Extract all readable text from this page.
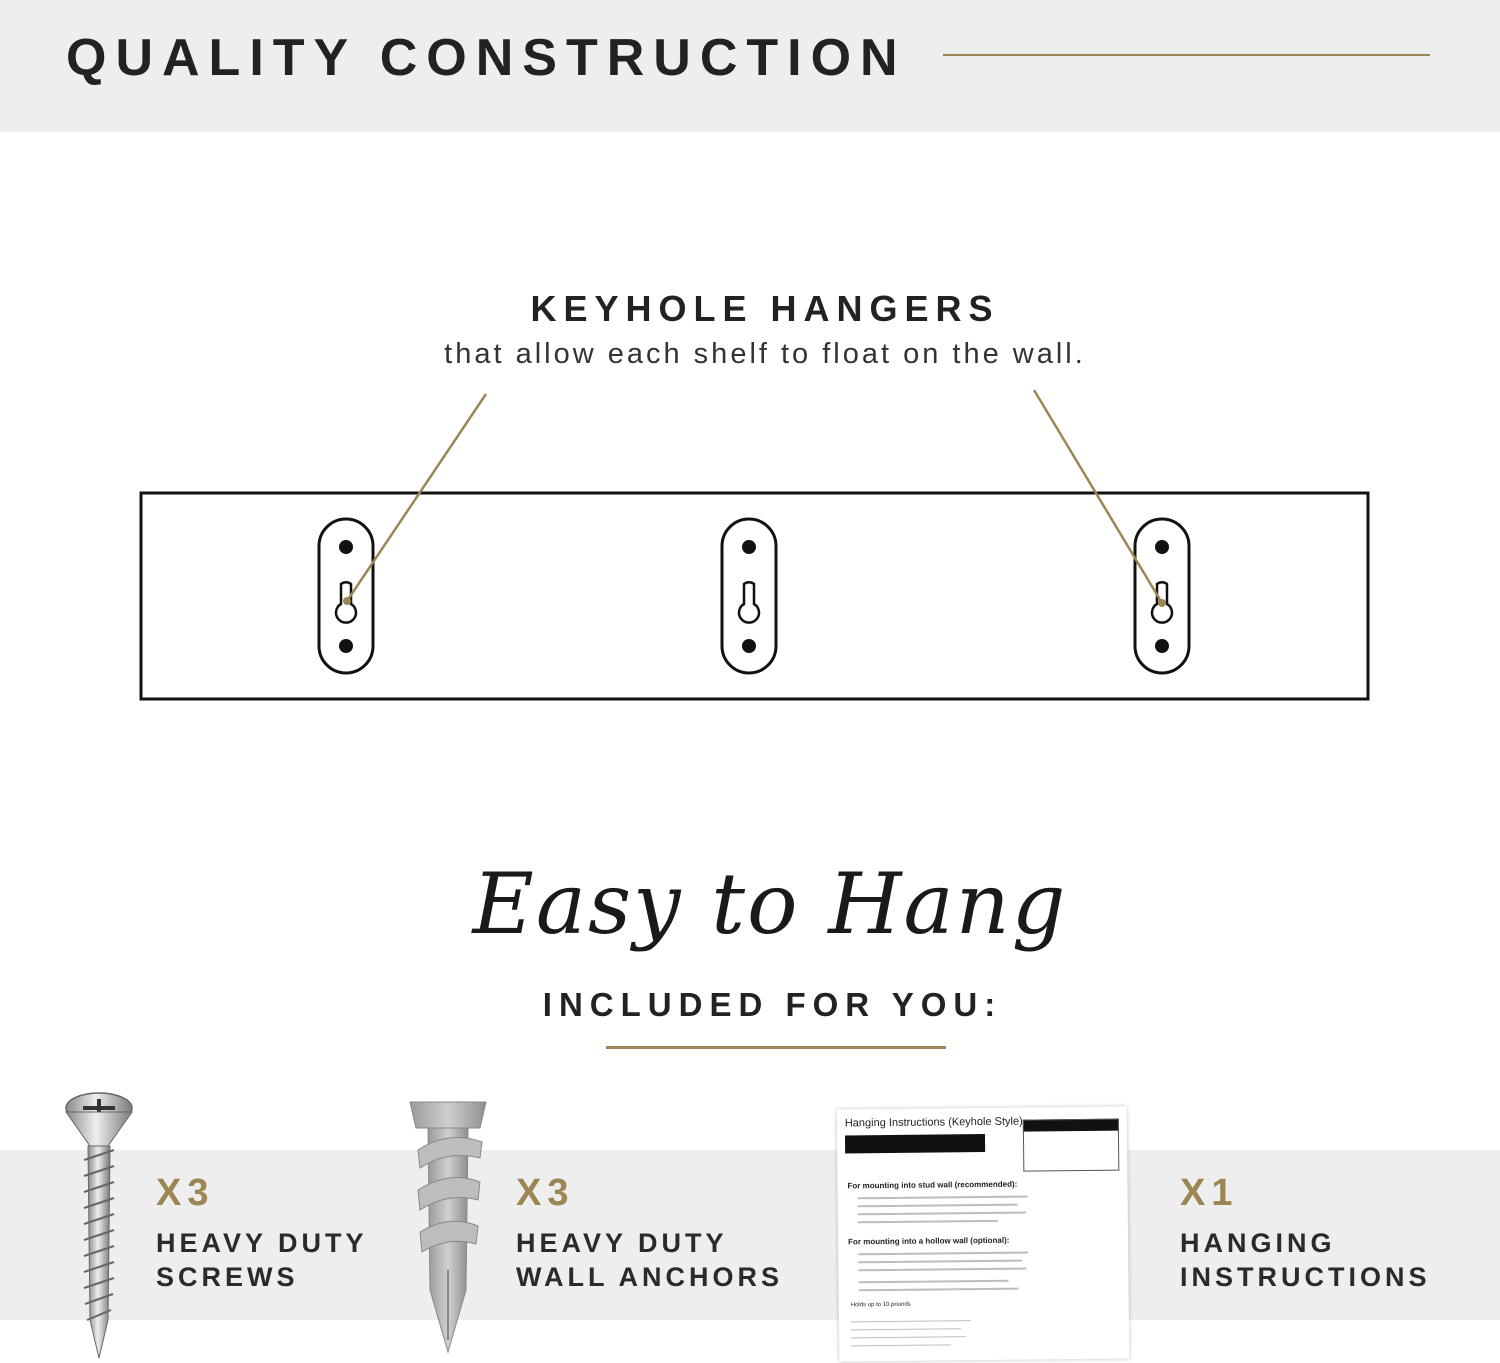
QUALITY CONSTRUCTION
KEYHOLE HANGERS
that allow each shelf to float on the wall.
Easy to Hang
INCLUDED FOR YOU:
Hanging Instructions (Keyhole Style)
For mounting into stud wall (recommended):
For mounting into a hollow wall (optional):
Holds up to 10 pounds
X3
HEAVY DUTY
SCREWS
X3
HEAVY DUTY
WALL ANCHORS
X1
HANGING
INSTRUCTIONS
